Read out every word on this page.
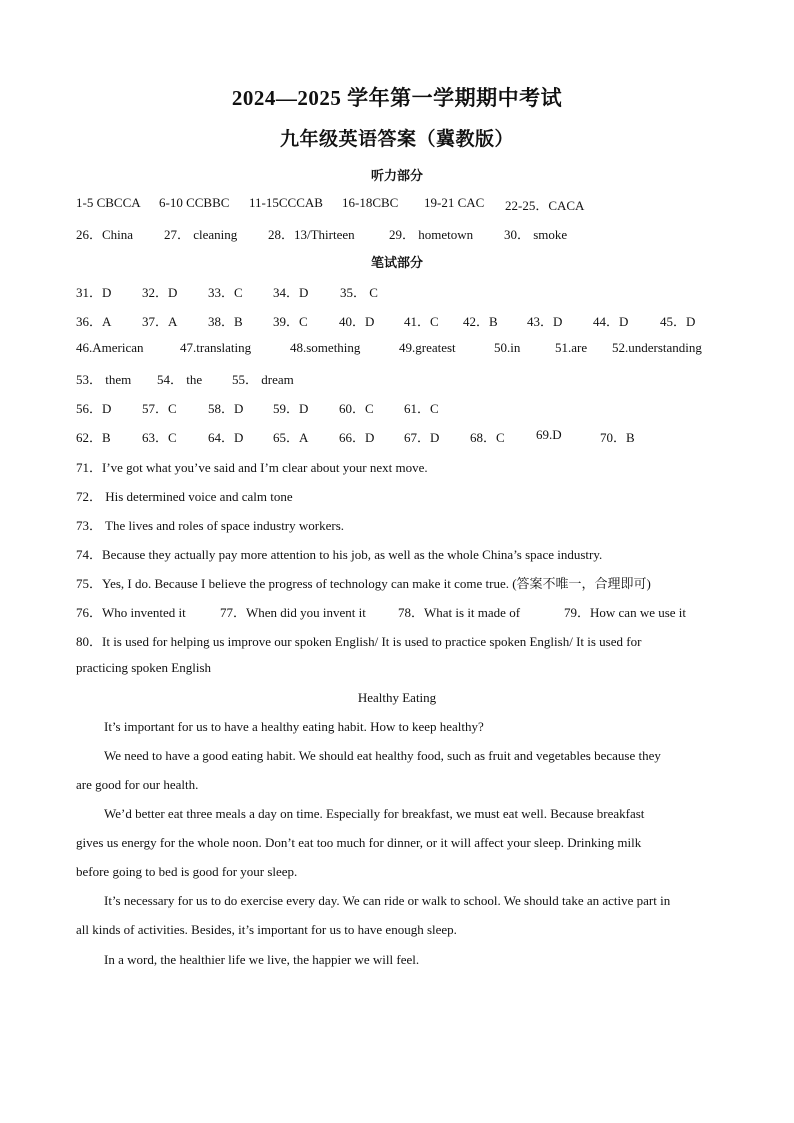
2024—2025 学年第一学期期中考试
九年级英语答案（冀教版）
听力部分
1-5 CBCCA 6-10 CCBBC 11-15CCCAB 16-18CBC 19-21 CAC 22-25．CACA
26．China 27． cleaning 28．13/Thirteen	29． hometown 30． smoke
笔试部分
31．D 32．D 33．C 34．D 35． C
36．A 37．A 38．B 39．C 40．D 41．C 42．B 43．D 44．D 45．D
46.American	47.translating	48.something	49.greatest	50.in	51.are 52.understanding
53． them 54． the 55． dream
56．D 57．C 58．D 59．D 60．C 61．C
62．B 63．C 64．D 65．A 66．D 67．D 68．C 69.D	70．B
71．I’ve got what you’ve said and I’m clear about your next move.
72． His determined voice and calm tone
73． The lives and roles of space industry workers.
74．Because they actually pay more attention to his job, as well as the whole China’s space industry.
75．Yes, I do. Because I believe the progress of technology can make it come true. (答案不唯一，合理即可)
76．Who invented it	77．When did you invent it 78．What is it made of	79．How can we use it
80．It is used for helping us improve our spoken English/ It is used to practice spoken English/ It is used for
practicing spoken English
Healthy Eating
It’s important for us to have a healthy eating habit. How to keep healthy?
We need to have a good eating habit. We should eat healthy food, such as fruit and vegetables because they
are good for our health.
We’d better eat three meals a day on time. Especially for breakfast, we must eat well. Because breakfast
gives us energy for the whole noon. Don’t eat too much for dinner, or it will affect your sleep. Drinking milk
before going to bed is good for your sleep.
It’s necessary for us to do exercise every day. We can ride or walk to school. We should take an active part in
all kinds of activities. Besides, it’s important for us to have enough sleep.
In a word, the healthier life we live, the happier we will feel.
